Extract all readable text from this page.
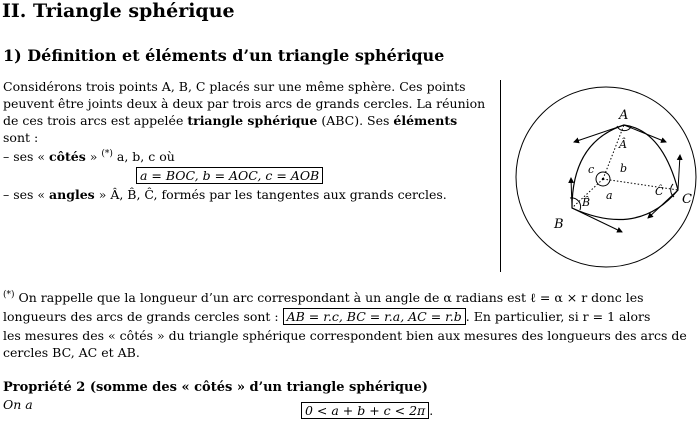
II. Triangle sphérique
1) Définition et éléments d’un triangle sphérique
Considérons trois points A, B, C placés sur une même sphère. Ces points
peuvent être joints deux à deux par trois arcs de grands cercles. La réunion
de ces trois arcs est appelée triangle sphérique (ABC). Ses éléments
sont :
– ses « côtés » (*) a, b, c où
a = BOC, b = AOC, c = AOB
– ses « angles » Â, B̂, Ĉ, formés par les tangentes aux grands cercles.
A
B
C
a
b
c
Â
B̂
Ĉ
(*) On rappelle que la longueur d’un arc correspondant à un angle de α radians est ℓ = α × r donc les
longueurs des arcs de grands cercles sont : AB = r.c, BC = r.a, AC = r.b . En particulier, si r = 1 alors
les mesures des « côtés » du triangle sphérique correspondent bien aux mesures des longueurs des arcs de
cercles BC, AC et AB.
Propriété 2 (somme des « côtés » d’un triangle sphérique)
On a	0 < a + b + c < 2π .
